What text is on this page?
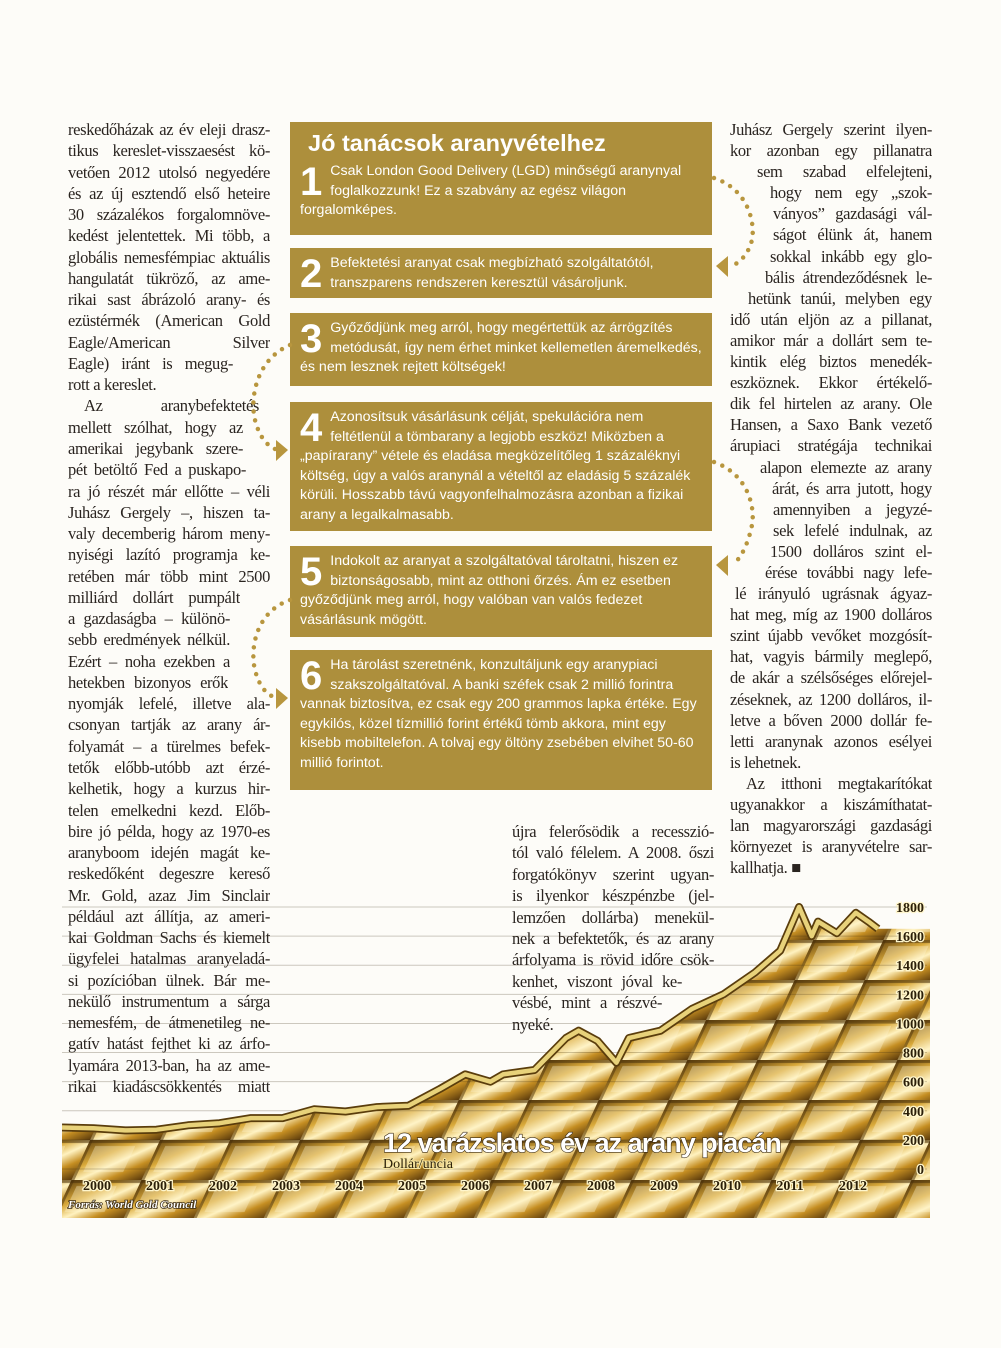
reskedőházak az év eleji drasz-
tikus kereslet-visszaesést kö-
vetően 2012 utolsó negyedére
és az új esztendő első heteire
30 százalékos forgalomnöve-
kedést jelentettek. Mi több, a
globális nemesfémpiac aktuális
hangulatát tükröző, az ame-
rikai sast ábrázoló arany- és
ezüstérmék (American Gold
Eagle/American Silver
Eagle) iránt is megug-
rott a kereslet.
Az aranybefektetés
mellett szólhat, hogy az
amerikai jegybank szere-
pét betöltő Fed a puskapo-
ra jó részét már ellőtte – véli
Juhász Gergely –, hiszen ta-
valy decemberig három meny-
nyiségi lazító programja ke-
retében már több mint 2500
milliárd dollárt pumpált
a gazdaságba – különö-
sebb eredmények nélkül.
Ezért – noha ezekben a
hetekben bizonyos erők
nyomják lefelé, illetve ala-
csonyan tartják az arany ár-
folyamát – a türelmes befek-
tetők előbb-utóbb azt érzé-
kelhetik, hogy a kurzus hir-
telen emelkedni kezd. Előb-
bire jó példa, hogy az 1970-es
aranyboom idején magát ke-
reskedőként degeszre kereső
Mr. Gold, azaz Jim Sinclair
például azt állítja, az ameri-
kai Goldman Sachs és kiemelt
ügyfelei hatalmas aranyeladá-
si pozícióban ülnek. Bár me-
nekülő instrumentum a sárga
nemesfém, de átmenetileg ne-
gatív hatást fejthet ki az árfo-
lyamára 2013-ban, ha az ame-
rikai kiadáscsökkentés miatt
újra felerősödik a recesszió-
tól való félelem. A 2008. őszi
forgatókönyv szerint ugyan-
is ilyenkor készpénzbe (jel-
lemzően dollárba) menekül-
nek a befektetők, és az arany
árfolyama is rövid időre csök-
kenhet, viszont jóval ke-
vésbé, mint a részvé-
nyeké.
Juhász Gergely szerint ilyen-
kor azonban egy pillanatra
sem szabad elfelejteni,
hogy nem egy „szok-
ványos” gazdasági vál-
ságot élünk át, hanem
sokkal inkább egy glo-
bális átrendeződésnek le-
hetünk tanúi, melyben egy
idő után eljön az a pillanat,
amikor már a dollárt sem te-
kintik elég biztos menedék-
eszköznek. Ekkor értékelő-
dik fel hirtelen az arany. Ole
Hansen, a Saxo Bank vezető
árupiaci stratégája technikai
alapon elemezte az arany
árát, és arra jutott, hogy
amennyiben a jegyzé-
sek lefelé indulnak, az
1500 dolláros szint el-
érése további nagy lefe-
lé irányuló ugrásnak ágyaz-
hat meg, míg az 1900 dolláros
szint újabb vevőket mozgósít-
hat, vagyis bármily meglepő,
de akár a szélsőséges előrejel-
zéseknek, az 1200 dolláros, il-
letve a bőven 2000 dollár fe-
letti aranynak azonos esélyei
is lehetnek.
Az itthoni megtakarítókat
ugyanakkor a kiszámíthatat-
lan magyarországi gazdasági
környezet is aranyvételre sar-
kallhatja. ■
Jó tanácsok aranyvételhez
1 Csak London Good Delivery (LGD) minőségű aranynyal foglalkozzunk! Ez a szabvány az egész világon forgalomképes.
2 Befektetési aranyat csak megbízható szolgáltatótól, transzparens rendszeren keresztül vásároljunk.
3 Győződjünk meg arról, hogy megértettük az árrögzítés metódusát, így nem érhet minket kellemetlen áremelkedés, és nem lesznek rejtett költségek!
4 Azonosítsuk vásárlásunk célját, spekulációra nem feltétlenül a tömbarany a legjobb eszköz! Miközben a „papírarany” vétele és eladása megközelítőleg 1 százaléknyi költség, úgy a valós aranynál a vételtől az eladásig 5 százalék körüli. Hosszabb távú vagyonfelhalmozásra azonban a fizikai arany a legalkalmasabb.
5 Indokolt az aranyat a szolgáltatóval tároltatni, hiszen ez biztonságosabb, mint az otthoni őrzés. Ám ez esetben győződjünk meg arról, hogy valóban van valós fedezet vásárlásunk mögött.
6 Ha tárolást szeretnénk, konzultáljunk egy aranypiaci szakszolgáltatóval. A banki széfek csak 2 millió forintra vannak biztosítva, ez csak egy 200 grammos lapka értéke. Egy egykilós, közel tízmillió forint értékű tömb akkora, mint egy kisebb mobiltelefon. A tolvaj egy öltöny zsebében elvihet 50-60 millió forintot.
0
200
400
600
800
1000
1200
1400
1600
1800
2000	2001	2002	2003	2004	2005	2006	2007	2008	2009	2010	2011	2012
12 varázslatos év az arany piacán
Dollár/uncia
Forrás: World Gold Council
